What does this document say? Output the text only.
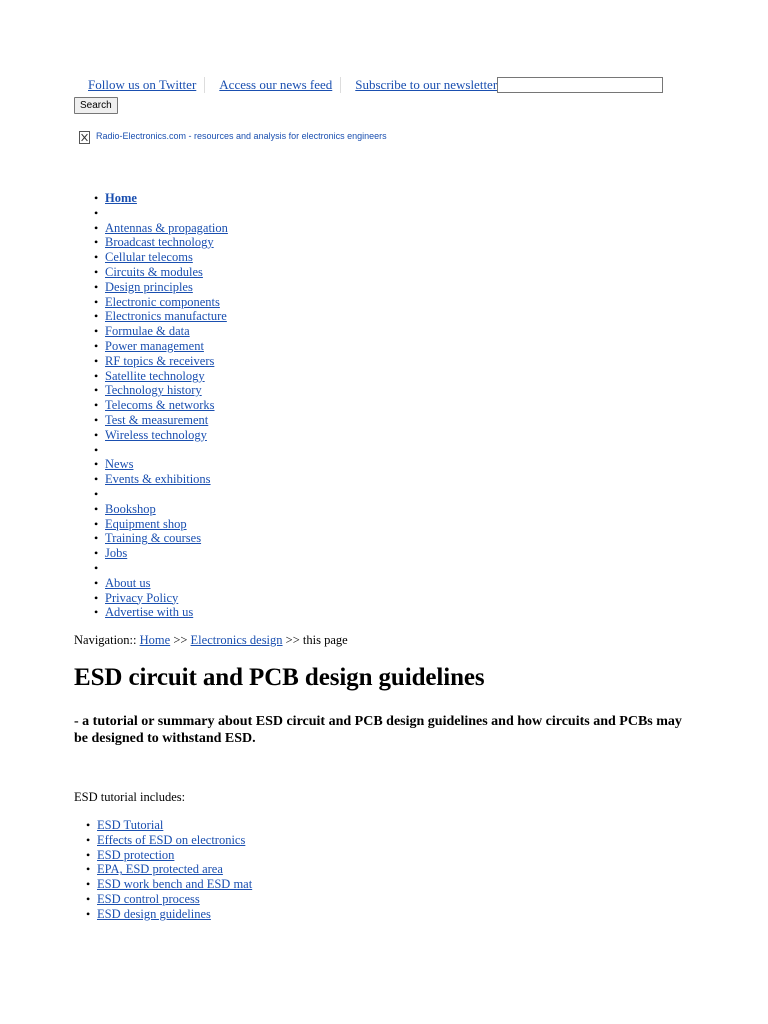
Follow us on Twitter	Access our news feed	Subscribe to our newsletter
Search
Radio-Electronics.com - resources and analysis for electronics engineers
• Home
•
• Antennas & propagation
• Broadcast technology
• Cellular telecoms
• Circuits & modules
• Design principles
• Electronic components
• Electronics manufacture
• Formulae & data
• Power management
• RF topics & receivers
• Satellite technology
• Technology history
• Telecoms & networks
• Test & measurement
• Wireless technology
•
• News
• Events & exhibitions
•
• Bookshop
• Equipment shop
• Training & courses
• Jobs
•
• About us
• Privacy Policy
• Advertise with us
Navigation:: Home >> Electronics design >> this page
ESD circuit and PCB design guidelines

- a tutorial or summary about ESD circuit and PCB design guidelines and how circuits and PCBs may be designed to withstand ESD.

ESD tutorial includes:
• ESD Tutorial
• Effects of ESD on electronics
• ESD protection
• EPA, ESD protected area
• ESD work bench and ESD mat
• ESD control process
• ESD design guidelines
